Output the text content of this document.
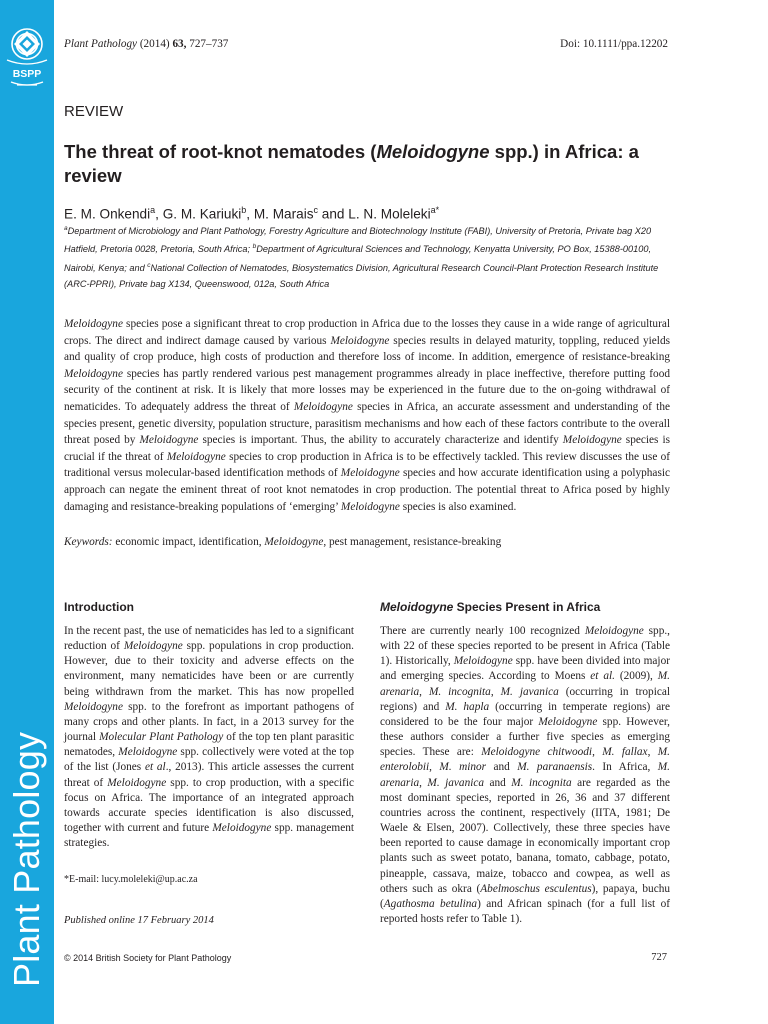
BSPP
Plant Pathology
Plant Pathology (2014) 63, 727–737	Doi: 10.1111/ppa.12202
REVIEW
The threat of root-knot nematodes (Meloidogyne spp.) in Africa: a review
E. M. Onkendi$^a$, G. M. Kariuki$^b$, M. Marais$^c$ and L. N. Moleleki$^{a*}$
$^a$Department of Microbiology and Plant Pathology, Forestry Agriculture and Biotechnology Institute (FABI), University of Pretoria, Private bag X20 Hatfield, Pretoria 0028, Pretoria, South Africa; $^b$Department of Agricultural Sciences and Technology, Kenyatta University, PO Box, 15388-00100, Nairobi, Kenya; and $^c$National Collection of Nematodes, Biosystematics Division, Agricultural Research Council-Plant Protection Research Institute (ARC-PPRI), Private bag X134, Queenswood, 012a, South Africa

Meloidogyne species pose a significant threat to crop production in Africa due to the losses they cause in a wide range of agricultural crops. The direct and indirect damage caused by various Meloidogyne species results in delayed maturity, toppling, reduced yields and quality of crop produce, high costs of production and therefore loss of income. In addition, emergence of resistance-breaking Meloidogyne species has partly rendered various pest management programmes already in place ineffective, therefore putting food security of the continent at risk. It is likely that more losses may be experienced in the future due to the on-going withdrawal of nematicides. To adequately address the threat of Meloidogyne species in Africa, an accurate assessment and understanding of the species present, genetic diversity, population structure, parasitism mechanisms and how each of these factors contribute to the overall threat posed by Meloidogyne species is important. Thus, the ability to accurately characterize and identify Meloidogyne species is crucial if the threat of Meloidogyne species to crop production in Africa is to be effectively tackled. This review discusses the use of traditional versus molecular-based identification methods of Meloidogyne species and how accurate identification using a polyphasic approach can negate the eminent threat of root knot nematodes in crop production. The potential threat to Africa posed by highly damaging and resistance-breaking populations of ‘emerging’ Meloidogyne species is also examined.

Keywords: economic impact, identification, Meloidogyne, pest management, resistance-breaking
Introduction	Meloidogyne Species Present in Africa

In the recent past, the use of nematicides has led to a significant reduction of Meloidogyne spp. populations in crop production. However, due to their toxicity and adverse effects on the environment, many nematicides have been or are currently being withdrawn from the market. This has now propelled Meloidogyne spp. to the forefront as important pathogens of many crops and other plants. In fact, in a 2013 survey for the journal Molecular Plant Pathology of the top ten plant parasitic nematodes, Meloidogyne spp. collectively were voted at the top of the list (Jones et al., 2013). This article assesses the current threat of Meloidogyne spp. to crop production, with a specific focus on Africa. The importance of an integrated approach towards accurate species identification is also discussed, together with current and future Meloidogyne spp. management strategies.

There are currently nearly 100 recognized Meloidogyne spp., with 22 of these species reported to be present in Africa (Table 1). Historically, Meloidogyne spp. have been divided into major and emerging species. According to Moens et al. (2009), M. arenaria, M. incognita, M. javanica (occurring in tropical regions) and M. hapla (occurring in temperate regions) are considered to be the four major Meloidogyne spp. However, these authors consider a further five species as emerging species. These are: Meloidogyne chitwoodi, M. fallax, M. enterolobii, M. minor and M. paranaensis. In Africa, M. arenaria, M. javanica and M. incognita are regarded as the most dominant species, reported in 26, 36 and 37 different countries across the continent, respectively (IITA, 1981; De Waele & Elsen, 2007). Collectively, these three species have been reported to cause damage in economically important crop plants such as sweet potato, banana, tomato, cabbage, potato, pineapple, cassava, maize, tobacco and cowpea, as well as others such as okra (Abelmoschus esculentus), papaya, buchu (Agathosma betulina) and African spinach (for a full list of reported hosts refer to Table 1).

*E-mail: lucy.moleleki@up.ac.za
Published online 17 February 2014
© 2014 British Society for Plant Pathology	727
